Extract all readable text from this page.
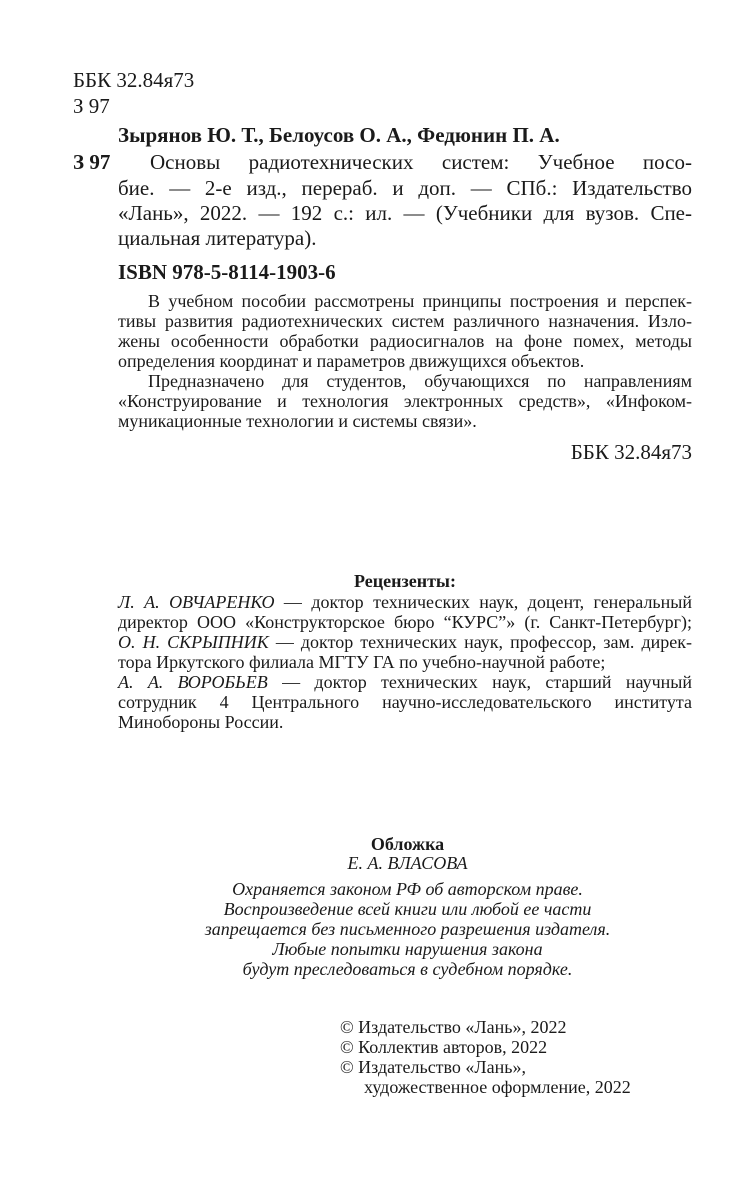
ББК 32.84я73
З 97
Зырянов Ю. Т., Белоусов О. А., Федюнин П. А.
З 97 Основы радиотехнических систем: Учебное посо-
бие. — 2-е изд., перераб. и доп. — СПб.: Издательство
«Лань», 2022. — 192 с.: ил. — (Учебники для вузов. Спе-
циальная литература).
ISBN 978-5-8114-1903-6
В учебном пособии рассмотрены принципы построения и перспек-
тивы развития радиотехнических систем различного назначения. Изло-
жены особенности обработки радиосигналов на фоне помех, методы
определения координат и параметров движущихся объектов.
Предназначено для студентов, обучающихся по направлениям
«Конструирование и технология электронных средств», «Инфоком-
муникационные технологии и системы связи».
ББК 32.84я73
Рецензенты:
Л. А. ОВЧАРЕНКО — доктор технических наук, доцент, генеральный
директор ООО «Конструкторское бюро “КУРС”» (г. Санкт-Петербург);
О. Н. СКРЫПНИК — доктор технических наук, профессор, зам. дирек-
тора Иркутского филиала МГТУ ГА по учебно-научной работе;
А. А. ВОРОБЬЕВ — доктор технических наук, старший научный
сотрудник 4 Центрального научно-исследовательского института
Минобороны России.
Обложка
Е. А. ВЛАСОВА
Охраняется законом РФ об авторском праве.
Воспроизведение всей книги или любой ее части
запрещается без письменного разрешения издателя.
Любые попытки нарушения закона
будут преследоваться в судебном порядке.
© Издательство «Лань», 2022
© Коллектив авторов, 2022
© Издательство «Лань»,
художественное оформление, 2022
